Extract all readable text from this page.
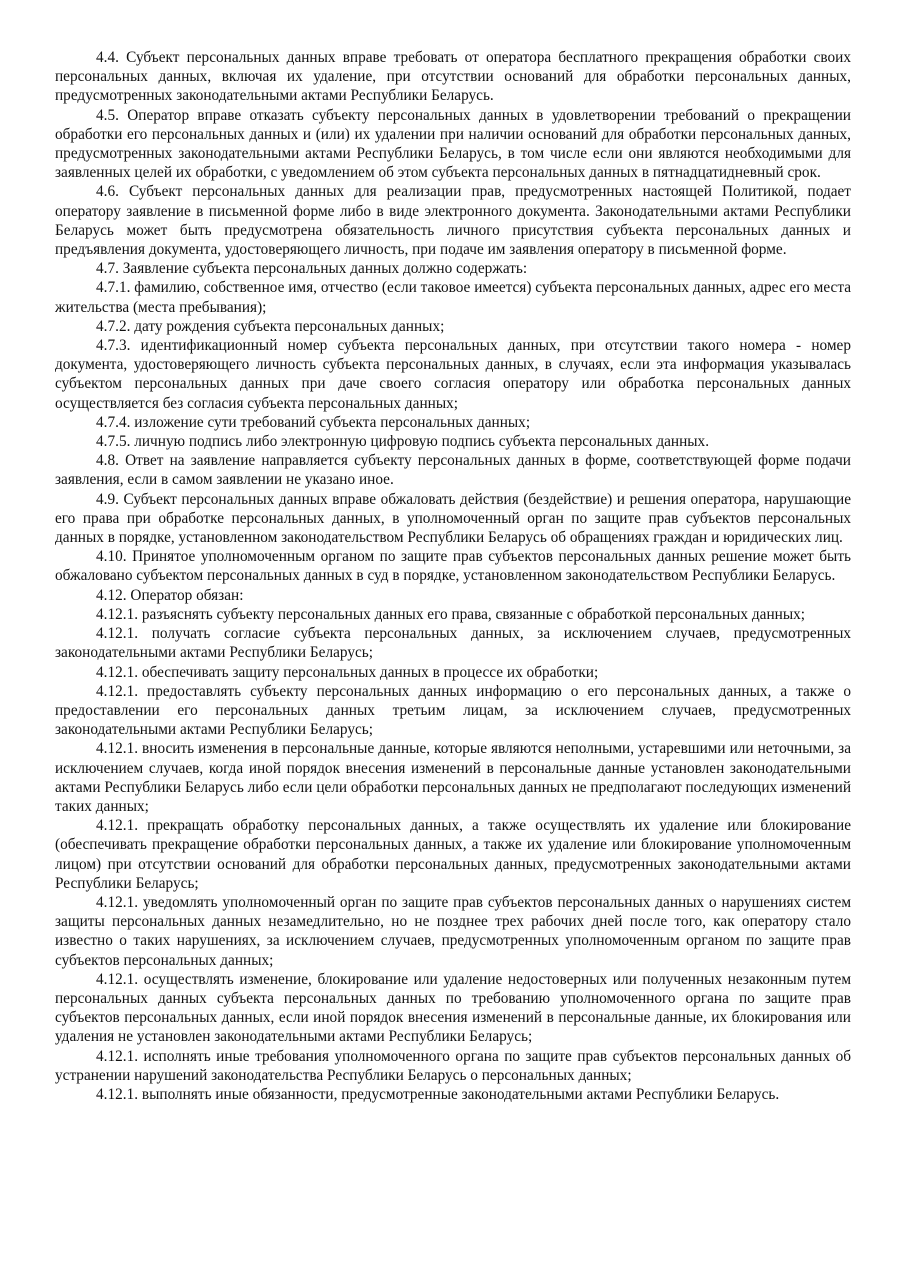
4.4. Субъект персональных данных вправе требовать от оператора бесплатного прекращения обработки своих персональных данных, включая их удаление, при отсутствии оснований для обработки персональных данных, предусмотренных законодательными актами Республики Беларусь.

4.5. Оператор вправе отказать субъекту персональных данных в удовлетворении требований о прекращении обработки его персональных данных и (или) их удалении при наличии оснований для обработки персональных данных, предусмотренных законодательными актами Республики Беларусь, в том числе если они являются необходимыми для заявленных целей их обработки, с уведомлением об этом субъекта персональных данных в пятнадцатидневный срок.

4.6. Субъект персональных данных для реализации прав, предусмотренных настоящей Политикой, подает оператору заявление в письменной форме либо в виде электронного документа. Законодательными актами Республики Беларусь может быть предусмотрена обязательность личного присутствия субъекта персональных данных и предъявления документа, удостоверяющего личность, при подаче им заявления оператору в письменной форме.

4.7. Заявление субъекта персональных данных должно содержать:

4.7.1. фамилию, собственное имя, отчество (если таковое имеется) субъекта персональных данных, адрес его места жительства (места пребывания);

4.7.2. дату рождения субъекта персональных данных;

4.7.3. идентификационный номер субъекта персональных данных, при отсутствии такого номера - номер документа, удостоверяющего личность субъекта персональных данных, в случаях, если эта информация указывалась субъектом персональных данных при даче своего согласия оператору или обработка персональных данных осуществляется без согласия субъекта персональных данных;

4.7.4. изложение сути требований субъекта персональных данных;

4.7.5. личную подпись либо электронную цифровую подпись субъекта персональных данных.

4.8. Ответ на заявление направляется субъекту персональных данных в форме, соответствующей форме подачи заявления, если в самом заявлении не указано иное.

4.9. Субъект персональных данных вправе обжаловать действия (бездействие) и решения оператора, нарушающие его права при обработке персональных данных, в уполномоченный орган по защите прав субъектов персональных данных в порядке, установленном законодательством Республики Беларусь об обращениях граждан и юридических лиц.

4.10. Принятое уполномоченным органом по защите прав субъектов персональных данных решение может быть обжаловано субъектом персональных данных в суд в порядке, установленном законодательством Республики Беларусь.

4.12. Оператор обязан:

4.12.1. разъяснять субъекту персональных данных его права, связанные с обработкой персональных данных;

4.12.1. получать согласие субъекта персональных данных, за исключением случаев, предусмотренных законодательными актами Республики Беларусь;

4.12.1. обеспечивать защиту персональных данных в процессе их обработки;

4.12.1. предоставлять субъекту персональных данных информацию о его персональных данных, а также о предоставлении его персональных данных третьим лицам, за исключением случаев, предусмотренных законодательными актами Республики Беларусь;

4.12.1. вносить изменения в персональные данные, которые являются неполными, устаревшими или неточными, за исключением случаев, когда иной порядок внесения изменений в персональные данные установлен законодательными актами Республики Беларусь либо если цели обработки персональных данных не предполагают последующих изменений таких данных;

4.12.1. прекращать обработку персональных данных, а также осуществлять их удаление или блокирование (обеспечивать прекращение обработки персональных данных, а также их удаление или блокирование уполномоченным лицом) при отсутствии оснований для обработки персональных данных, предусмотренных законодательными актами Республики Беларусь;

4.12.1. уведомлять уполномоченный орган по защите прав субъектов персональных данных о нарушениях систем защиты персональных данных незамедлительно, но не позднее трех рабочих дней после того, как оператору стало известно о таких нарушениях, за исключением случаев, предусмотренных уполномоченным органом по защите прав субъектов персональных данных;

4.12.1. осуществлять изменение, блокирование или удаление недостоверных или полученных незаконным путем персональных данных субъекта персональных данных по требованию уполномоченного органа по защите прав субъектов персональных данных, если иной порядок внесения изменений в персональные данные, их блокирования или удаления не установлен законодательными актами Республики Беларусь;

4.12.1. исполнять иные требования уполномоченного органа по защите прав субъектов персональных данных об устранении нарушений законодательства Республики Беларусь о персональных данных;

4.12.1. выполнять иные обязанности, предусмотренные законодательными актами Республики Беларусь.
